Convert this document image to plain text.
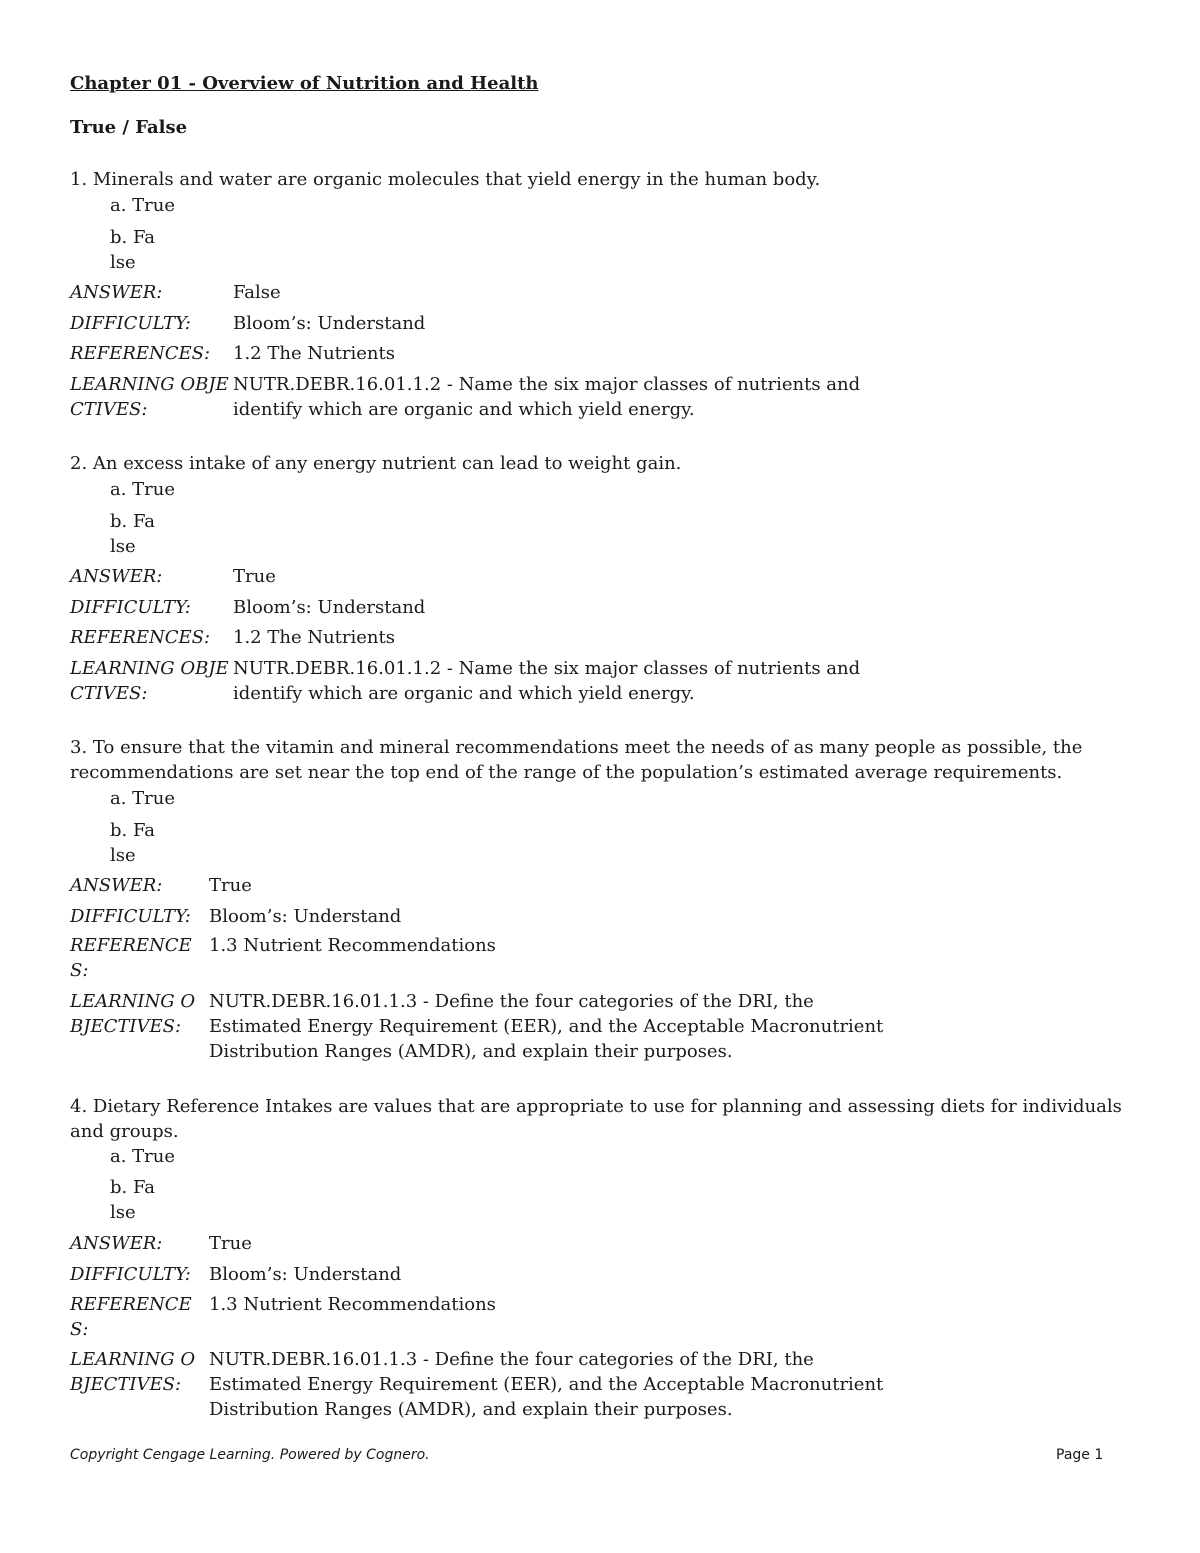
Chapter 01 - Overview of Nutrition and Health
True / False
1. Minerals and water are organic molecules that yield energy in the human body.
a. True
b. False
ANSWER:	False
DIFFICULTY:	Bloom’s: Understand
REFERENCES:	1.2 The Nutrients
LEARNING OBJECTIVES:
NUTR.DEBR.16.01.1.2 - Name the six major classes of nutrients and identify which are organic and which yield energy.
2. An excess intake of any energy nutrient can lead to weight gain.
a. True
b. False
ANSWER:	True
DIFFICULTY:	Bloom’s: Understand
REFERENCES:	1.2 The Nutrients
LEARNING OBJECTIVES:
NUTR.DEBR.16.01.1.2 - Name the six major classes of nutrients and identify which are organic and which yield energy.
3. To ensure that the vitamin and mineral recommendations meet the needs of as many people as possible, the recommendations are set near the top end of the range of the population’s estimated average requirements.
a. True
b. False
ANSWER:	True
DIFFICULTY:	Bloom’s: Understand
REFERENCES:
1.3 Nutrient Recommendations
LEARNING OBJECTIVES:
NUTR.DEBR.16.01.1.3 - Define the four categories of the DRI, the Estimated Energy Requirement (EER), and the Acceptable Macronutrient Distribution Ranges (AMDR), and explain their purposes.
4. Dietary Reference Intakes are values that are appropriate to use for planning and assessing diets for individuals and groups.
a. True
b. False
ANSWER:	True
DIFFICULTY:	Bloom’s: Understand
REFERENCES:
1.3 Nutrient Recommendations
LEARNING OBJECTIVES:
NUTR.DEBR.16.01.1.3 - Define the four categories of the DRI, the Estimated Energy Requirement (EER), and the Acceptable Macronutrient Distribution Ranges (AMDR), and explain their purposes.
Copyright Cengage Learning. Powered by Cognero.	Page 1
